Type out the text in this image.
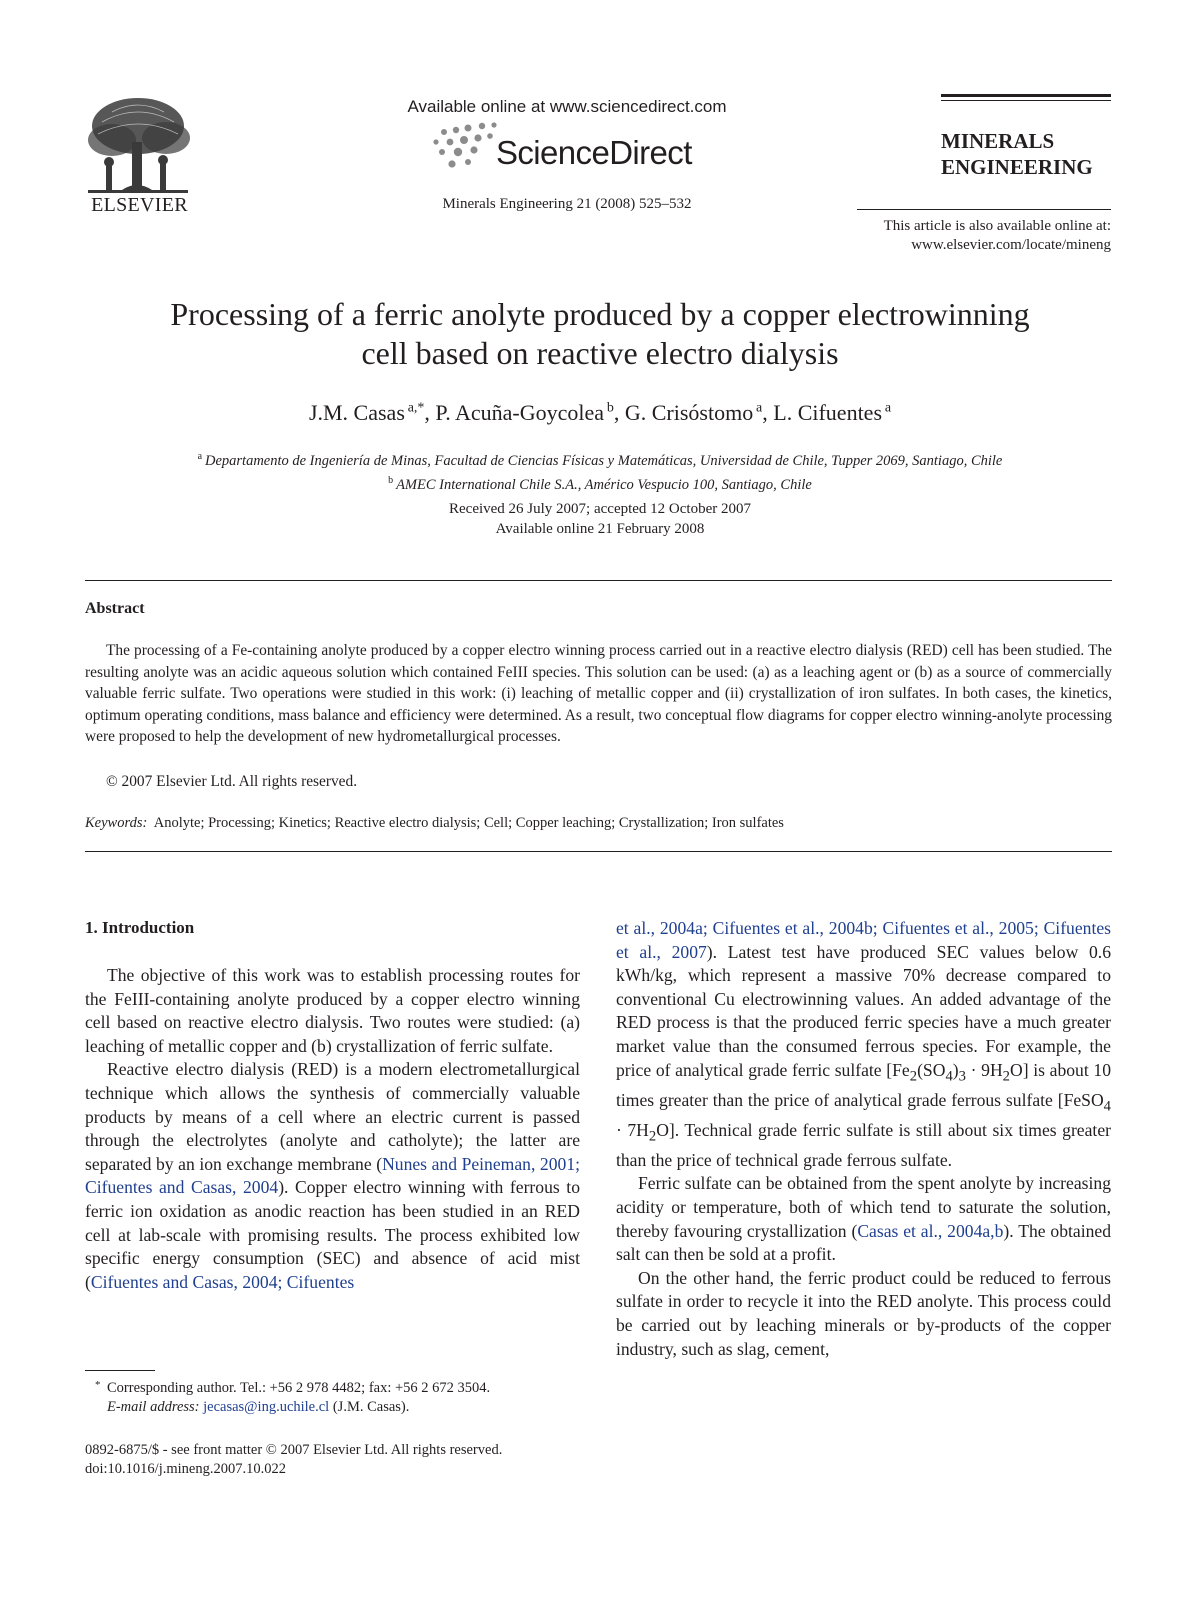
ELSEVIER
Available online at www.sciencedirect.com
ScienceDirect
Minerals Engineering 21 (2008) 525–532
MINERALS
ENGINEERING
This article is also available online at:
www.elsevier.com/locate/mineng
Processing of a ferric anolyte produced by a copper electrowinning
cell based on reactive electro dialysis
J.M. Casas  $^{a,*}$, P. Acuña-Goycolea  $^b$, G. Crisóstomo  $^a$, L. Cifuentes  $^a$
$^a$  Departamento de Ingeniería de Minas, Facultad de Ciencias Físicas y Matemáticas, Universidad de Chile, Tupper 2069, Santiago, Chile
$^b$  AMEC International Chile S.A., Américo Vespucio 100, Santiago, Chile
Received 26 July 2007; accepted 12 October 2007
Available online 21 February 2008
Abstract
The processing of a Fe-containing anolyte produced by a copper electro winning process carried out in a reactive electro dialysis (RED) cell has been studied. The resulting anolyte was an acidic aqueous solution which contained FeIII species. This solution can be used: (a) as a leaching agent or (b) as a source of commercially valuable ferric sulfate. Two operations were studied in this work: (i) leaching of metallic copper and (ii) crystallization of iron sulfates. In both cases, the kinetics, optimum operating conditions, mass balance and efficiency were determined. As a result, two conceptual flow diagrams for copper electro winning-anolyte processing were proposed to help the development of new hydrometallurgical processes.
© 2007 Elsevier Ltd. All rights reserved.
Keywords: Anolyte; Processing; Kinetics; Reactive electro dialysis; Cell; Copper leaching; Crystallization; Iron sulfates
1. Introduction

The objective of this work was to establish processing routes for the FeIII-containing anolyte produced by a copper electro winning cell based on reactive electro dialysis. Two routes were studied: (a) leaching of metallic copper and (b) crystallization of ferric sulfate.

Reactive electro dialysis (RED) is a modern electrometallurgical technique which allows the synthesis of commercially valuable products by means of a cell where an electric current is passed through the electrolytes (anolyte and catholyte); the latter are separated by an ion exchange membrane (Nunes and Peineman, 2001; Cifuentes and Casas, 2004). Copper electro winning with ferrous to ferric ion oxidation as anodic reaction has been studied in an RED cell at lab-scale with promising results. The process exhibited low specific energy consumption (SEC) and absence of acid mist (Cifuentes and Casas, 2004; Cifuentes

et al., 2004a; Cifuentes et al., 2004b; Cifuentes et al., 2005; Cifuentes et al., 2007). Latest test have produced SEC values below 0.6 kWh/kg, which represent a massive 70% decrease compared to conventional Cu electrowinning values. An added advantage of the RED process is that the produced ferric species have a much greater market value than the consumed ferrous species. For example, the price of analytical grade ferric sulfate $[Fe_2(SO_4)_3 \cdot 9H_2O]$ is about 10 times greater than the price of analytical grade ferrous sulfate [FeSO$_4$ · $7H_2O$]. Technical grade ferric sulfate is still about six times greater than the price of technical grade ferrous sulfate.

Ferric sulfate can be obtained from the spent anolyte by increasing acidity or temperature, both of which tend to saturate the solution, thereby favouring crystallization (Casas et al., 2004a,b). The obtained salt can then be sold at a profit.

On the other hand, the ferric product could be reduced to ferrous sulfate in order to recycle it into the RED anolyte. This process could be carried out by leaching minerals or by-products of the copper industry, such as slag, cement,

* Corresponding author. Tel.: +56 2 978 4482; fax: +56 2 672 3504.
E-mail address: jecasas@ing.uchile.cl (J.M. Casas).
0892-6875/$ - see front matter © 2007 Elsevier Ltd. All rights reserved.
doi:10.1016/j.mineng.2007.10.022
